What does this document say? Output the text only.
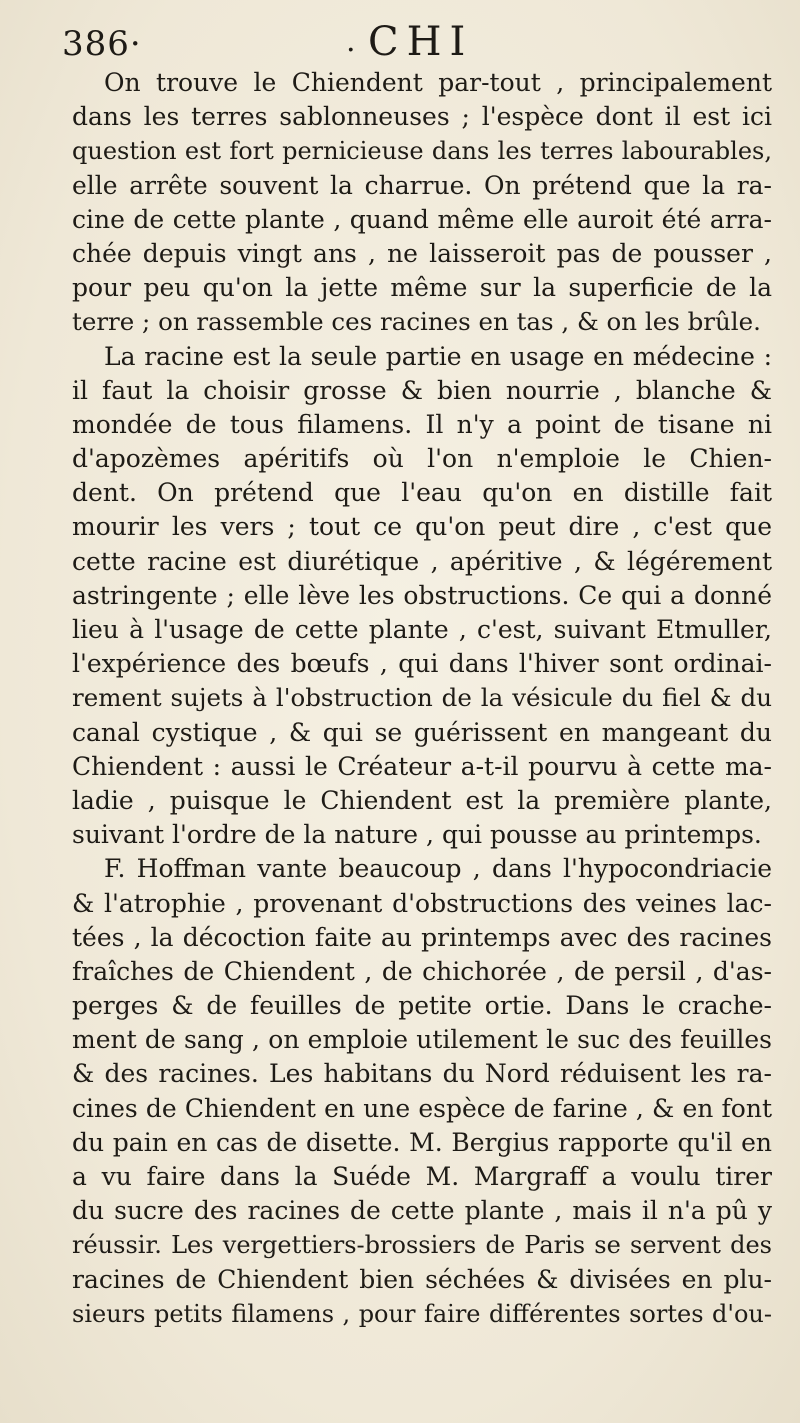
386·	. CHI
On trouve le Chiendent par-tout , principalement
dans les terres sablonneuses ; l'espèce dont il est ici
question est fort pernicieuse dans les terres labourables,
elle arrête souvent la charrue. On prétend que la ra-
cine de cette plante , quand même elle auroit été arra-
chée depuis vingt ans , ne laisseroit pas de pousser ,
pour peu qu'on la jette même sur la superficie de la
terre ; on rassemble ces racines en tas , & on les brûle.
La racine est la seule partie en usage en médecine :
il faut la choisir grosse & bien nourrie , blanche &
mondée de tous filamens. Il n'y a point de tisane ni
d'apozèmes apéritifs où l'on n'emploie le Chien-
dent. On prétend que l'eau qu'on en distille fait
mourir les vers ; tout ce qu'on peut dire , c'est que
cette racine est diurétique , apéritive , & légérement
astringente ; elle lève les obstructions. Ce qui a donné
lieu à l'usage de cette plante , c'est, suivant Etmuller,
l'expérience des bœufs , qui dans l'hiver sont ordinai-
rement sujets à l'obstruction de la vésicule du fiel & du
canal cystique , & qui se guérissent en mangeant du
Chiendent : aussi le Créateur a-t-il pourvu à cette ma-
ladie , puisque le Chiendent est la première plante,
suivant l'ordre de la nature , qui pousse au printemps.
F. Hoffman vante beaucoup , dans l'hypocondriacie
& l'atrophie , provenant d'obstructions des veines lac-
tées , la décoction faite au printemps avec des racines
fraîches de Chiendent , de chichorée , de persil , d'as-
perges & de feuilles de petite ortie. Dans le crache-
ment de sang , on emploie utilement le suc des feuilles
& des racines. Les habitans du Nord réduisent les ra-
cines de Chiendent en une espèce de farine , & en font
du pain en cas de disette. M. Bergius rapporte qu'il en
a vu faire dans la Suéde M. Margraff a voulu tirer
du sucre des racines de cette plante , mais il n'a pû y
réussir. Les vergettiers-brossiers de Paris se servent des
racines de Chiendent bien séchées & divisées en plu-
sieurs petits filamens , pour faire différentes sortes d'ou-
